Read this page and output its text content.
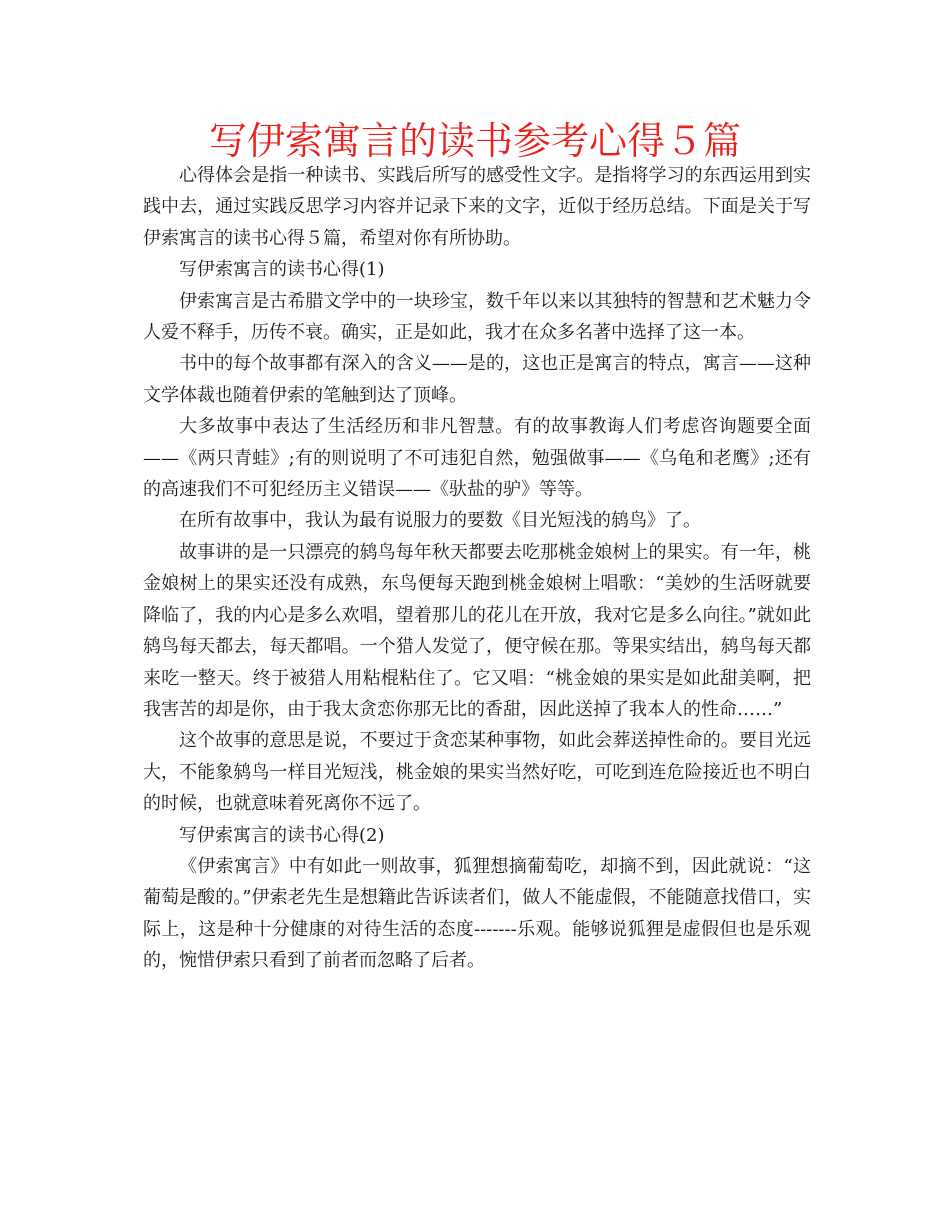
写伊索寓言的读书参考心得５篇

心得体会是指一种读书、实践后所写的感受性文字。是指将学习的东西运用到实践中去，通过实践反思学习内容并记录下来的文字，近似于经历总结。下面是关于写伊索寓言的读书心得５篇，希望对你有所协助。

写伊索寓言的读书心得(1)

伊索寓言是古希腊文学中的一块珍宝，数千年以来以其独特的智慧和艺术魅力令人爱不释手，历传不衰。确实，正是如此，我才在众多名著中选择了这一本。

书中的每个故事都有深入的含义——是的，这也正是寓言的特点，寓言——这种文学体裁也随着伊索的笔触到达了顶峰。

大多故事中表达了生活经历和非凡智慧。有的故事教诲人们考虑咨询题要全面——《两只青蛙》;有的则说明了不可违犯自然，勉强做事——《乌龟和老鹰》;还有的高速我们不可犯经历主义错误——《驮盐的驴》等等。

在所有故事中，我认为最有说服力的要数《目光短浅的鸫鸟》了。

故事讲的是一只漂亮的鸫鸟每年秋天都要去吃那桃金娘树上的果实。有一年，桃金娘树上的果实还没有成熟，东鸟便每天跑到桃金娘树上唱歌：“美妙的生活呀就要降临了，我的内心是多么欢唱，望着那儿的花儿在开放，我对它是多么向往。”就如此鸫鸟每天都去，每天都唱。一个猎人发觉了，便守候在那。等果实结出，鸫鸟每天都来吃一整天。终于被猎人用粘棍粘住了。它又唱：“桃金娘的果实是如此甜美啊，把我害苦的却是你，由于我太贪恋你那无比的香甜，因此送掉了我本人的性命……”

这个故事的意思是说，不要过于贪恋某种事物，如此会葬送掉性命的。要目光远大，不能象鸫鸟一样目光短浅，桃金娘的果实当然好吃，可吃到连危险接近也不明白的时候，也就意味着死离你不远了。

写伊索寓言的读书心得(2)

《伊索寓言》中有如此一则故事，狐狸想摘葡萄吃，却摘不到，因此就说：“这葡萄是酸的。”伊索老先生是想籍此告诉读者们，做人不能虚假，不能随意找借口，实际上，这是种十分健康的对待生活的态度-------乐观。能够说狐狸是虚假但也是乐观的，惋惜伊索只看到了前者而忽略了后者。
